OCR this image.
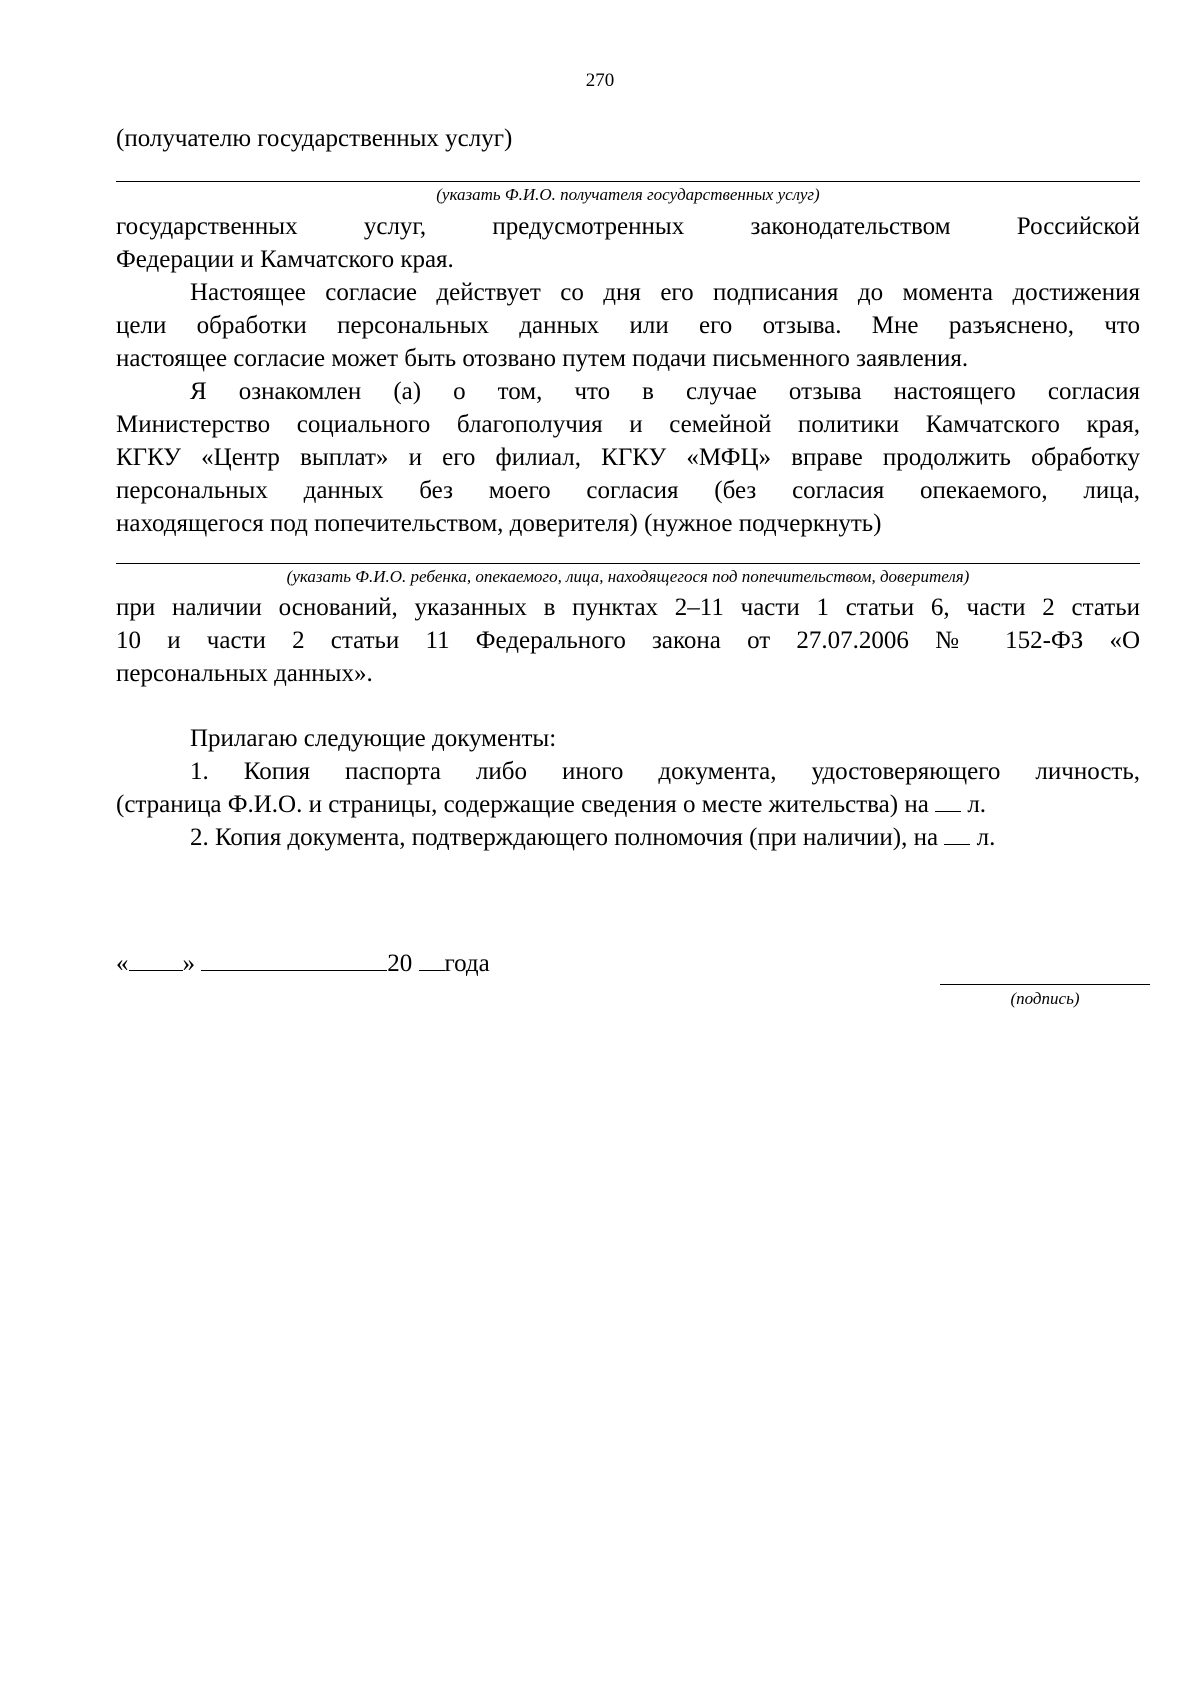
270
(получателю государственных услуг)
(указать Ф.И.О. получателя государственных услуг)
государственных услуг, предусмотренных законодательством Российской
Федерации и Камчатского края.
Настоящее согласие действует со дня его подписания до момента достижения
цели обработки персональных данных или его отзыва. Мне разъяснено, что
настоящее согласие может быть отозвано путем подачи письменного заявления.
Я ознакомлен (а) о том, что в случае отзыва настоящего согласия
Министерство социального благополучия и семейной политики Камчатского края,
КГКУ «Центр выплат» и его филиал, КГКУ «МФЦ» вправе продолжить обработку
персональных данных без моего согласия (без согласия опекаемого, лица,
находящегося под попечительством, доверителя) (нужное подчеркнуть)
(указать Ф.И.О. ребенка, опекаемого, лица, находящегося под попечительством, доверителя)
при наличии оснований, указанных в пунктах 2–11 части 1 статьи 6, части 2 статьи
10 и части 2 статьи 11 Федерального закона от 27.07.2006 № 152-ФЗ «О
персональных данных».
Прилагаю следующие документы:
1. Копия паспорта либо иного документа, удостоверяющего личность,
(страница Ф.И.О. и страницы, содержащие сведения о месте жительства) на л.
2. Копия документа, подтверждающего полномочия (при наличии), на л.
« »	20 года
(подпись)
